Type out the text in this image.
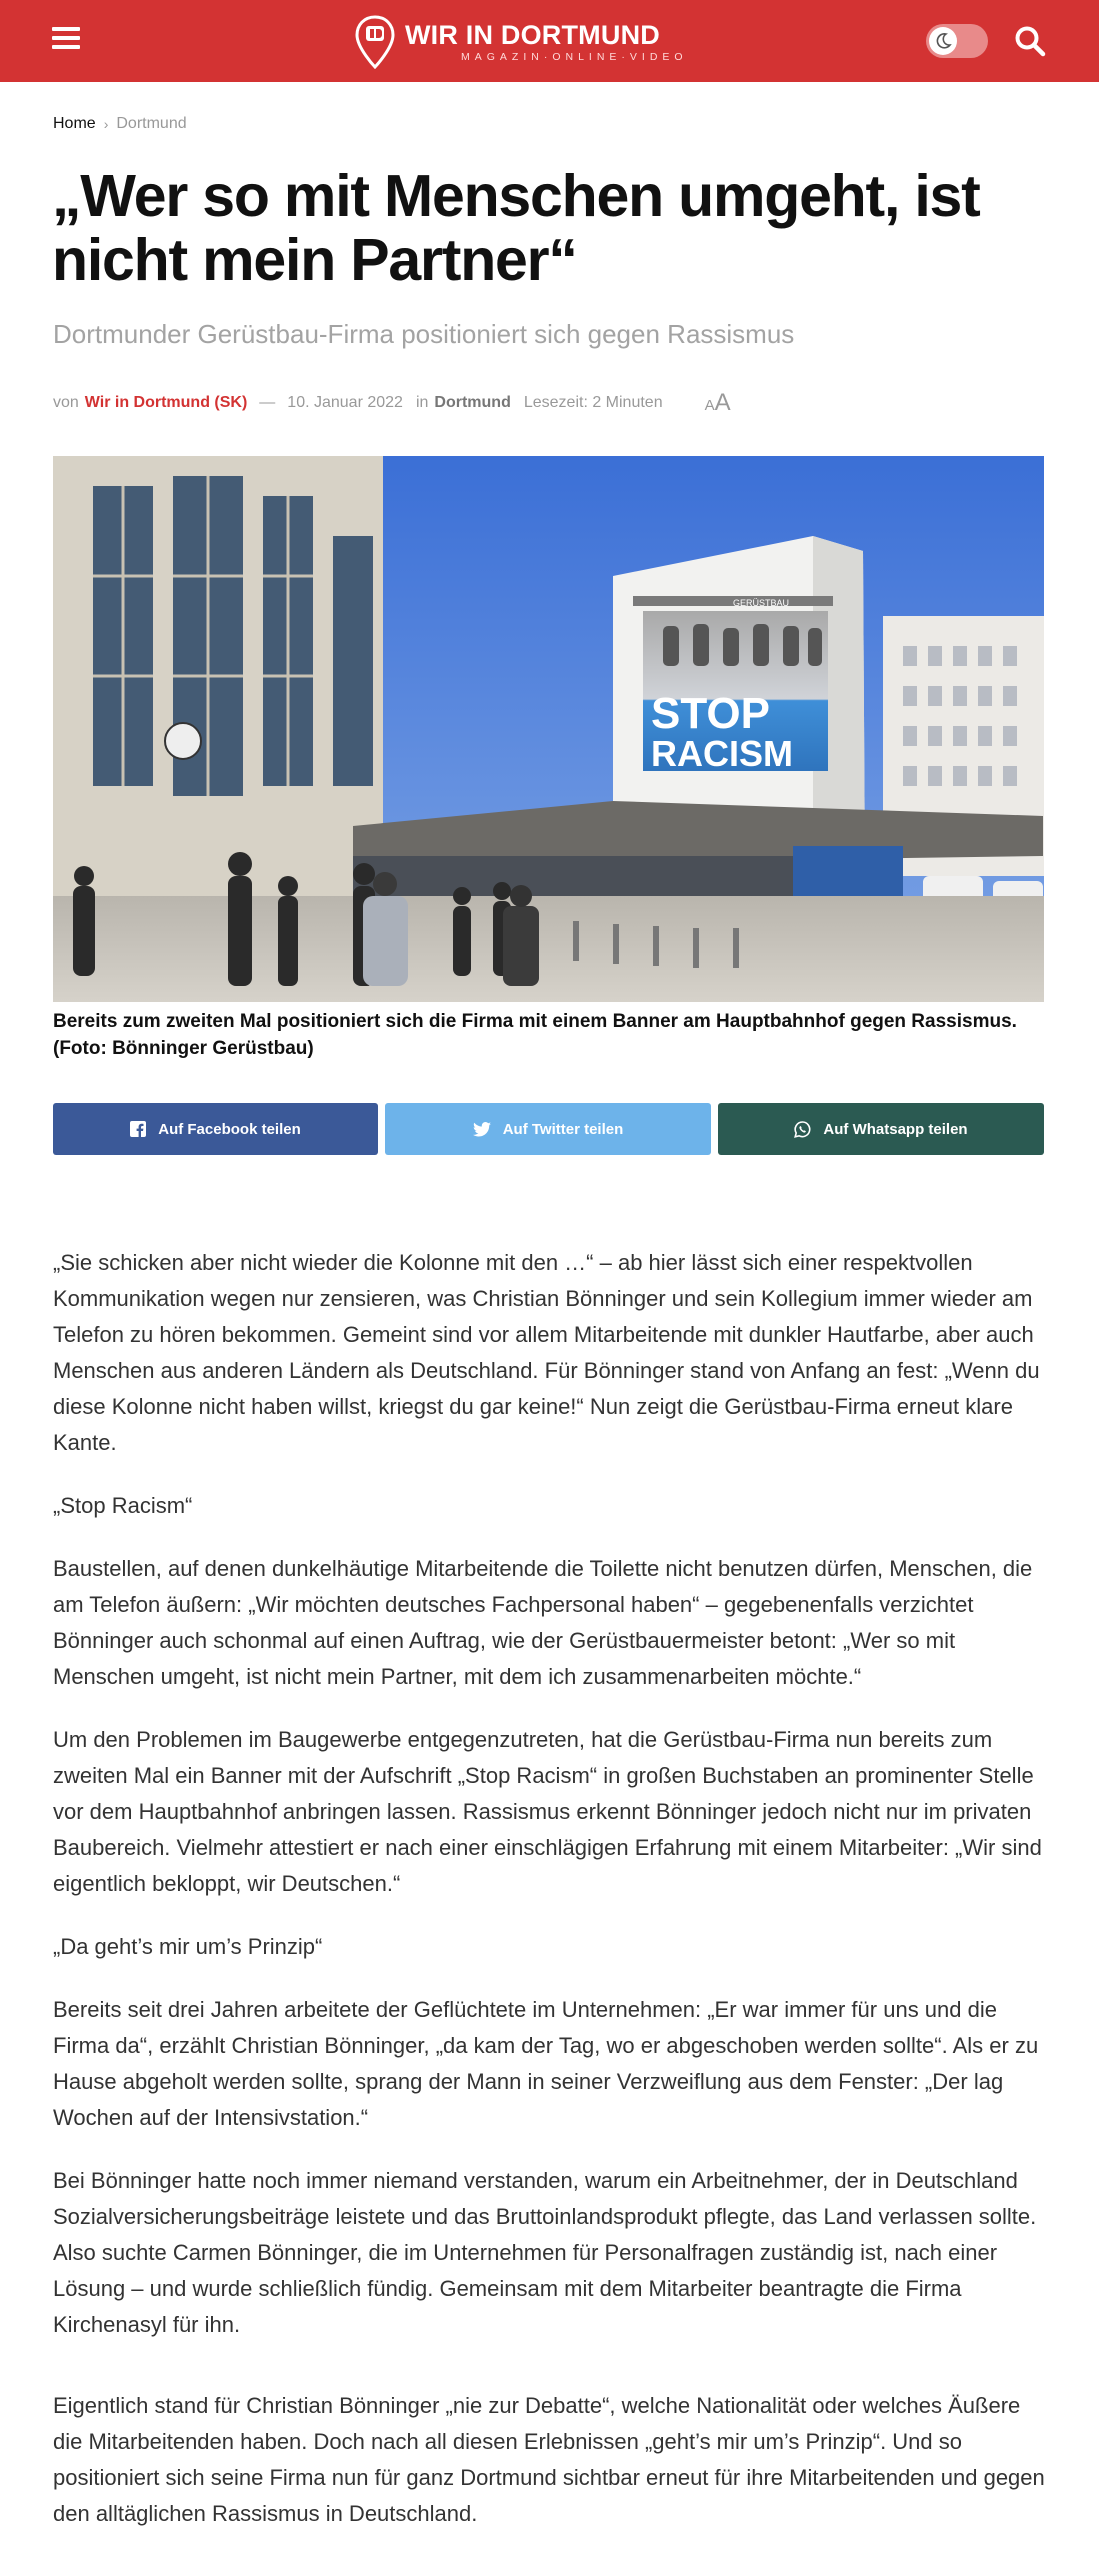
WIR IN DORTMUND
MAGAZIN·ONLINE·VIDEO
Home › Dortmund
„Wer so mit Menschen umgeht, ist nicht mein Partner“
Dortmunder Gerüstbau-Firma positioniert sich gegen Rassismus
von Wir in Dortmund (SK) — 10. Januar 2022 in Dortmund Lesezeit: 2 Minuten	AA
STOP
RACISM
GERÜSTBAU
Bereits zum zweiten Mal positioniert sich die Firma mit einem Banner am Hauptbahnhof gegen Rassismus. (Foto: Bönninger Gerüstbau)
Auf Facebook teilen	Auf Twitter teilen	Auf Whatsapp teilen

„Sie schicken aber nicht wieder die Kolonne mit den …“ – ab hier lässt sich einer respektvollen Kommunikation wegen nur zensieren, was Christian Bönninger und sein Kollegium immer wieder am Telefon zu hören bekommen. Gemeint sind vor allem Mitarbeitende mit dunkler Hautfarbe, aber auch Menschen aus anderen Ländern als Deutschland. Für Bönninger stand von Anfang an fest: „Wenn du diese Kolonne nicht haben willst, kriegst du gar keine!“ Nun zeigt die Gerüstbau-Firma erneut klare Kante.

„Stop Racism“

Baustellen, auf denen dunkelhäutige Mitarbeitende die Toilette nicht benutzen dürfen, Menschen, die am Telefon äußern: „Wir möchten deutsches Fachpersonal haben“ – gegebenenfalls verzichtet Bönninger auch schonmal auf einen Auftrag, wie der Gerüstbauermeister betont: „Wer so mit Menschen umgeht, ist nicht mein Partner, mit dem ich zusammenarbeiten möchte.“

Um den Problemen im Baugewerbe entgegenzutreten, hat die Gerüstbau-Firma nun bereits zum zweiten Mal ein Banner mit der Aufschrift „Stop Racism“ in großen Buchstaben an prominenter Stelle vor dem Hauptbahnhof anbringen lassen. Rassismus erkennt Bönninger jedoch nicht nur im privaten Baubereich. Vielmehr attestiert er nach einer einschlägigen Erfahrung mit einem Mitarbeiter: „Wir sind eigentlich bekloppt, wir Deutschen.“

„Da geht’s mir um’s Prinzip“

Bereits seit drei Jahren arbeitete der Geflüchtete im Unternehmen: „Er war immer für uns und die Firma da“, erzählt Christian Bönninger, „da kam der Tag, wo er abgeschoben werden sollte“. Als er zu Hause abgeholt werden sollte, sprang der Mann in seiner Verzweiflung aus dem Fenster: „Der lag Wochen auf der Intensivstation.“

Bei Bönninger hatte noch immer niemand verstanden, warum ein Arbeitnehmer, der in Deutschland Sozialversicherungsbeiträge leistete und das Bruttoinlandsprodukt pflegte, das Land verlassen sollte. Also suchte Carmen Bönninger, die im Unternehmen für Personalfragen zuständig ist, nach einer Lösung – und wurde schließlich fündig. Gemeinsam mit dem Mitarbeiter beantragte die Firma Kirchenasyl für ihn.

Eigentlich stand für Christian Bönninger „nie zur Debatte“, welche Nationalität oder welches Äußere die Mitarbeitenden haben. Doch nach all diesen Erlebnissen „geht’s mir um’s Prinzip“. Und so positioniert sich seine Firma nun für ganz Dortmund sichtbar erneut für ihre Mitarbeitenden und gegen den alltäglichen Rassismus in Deutschland.
